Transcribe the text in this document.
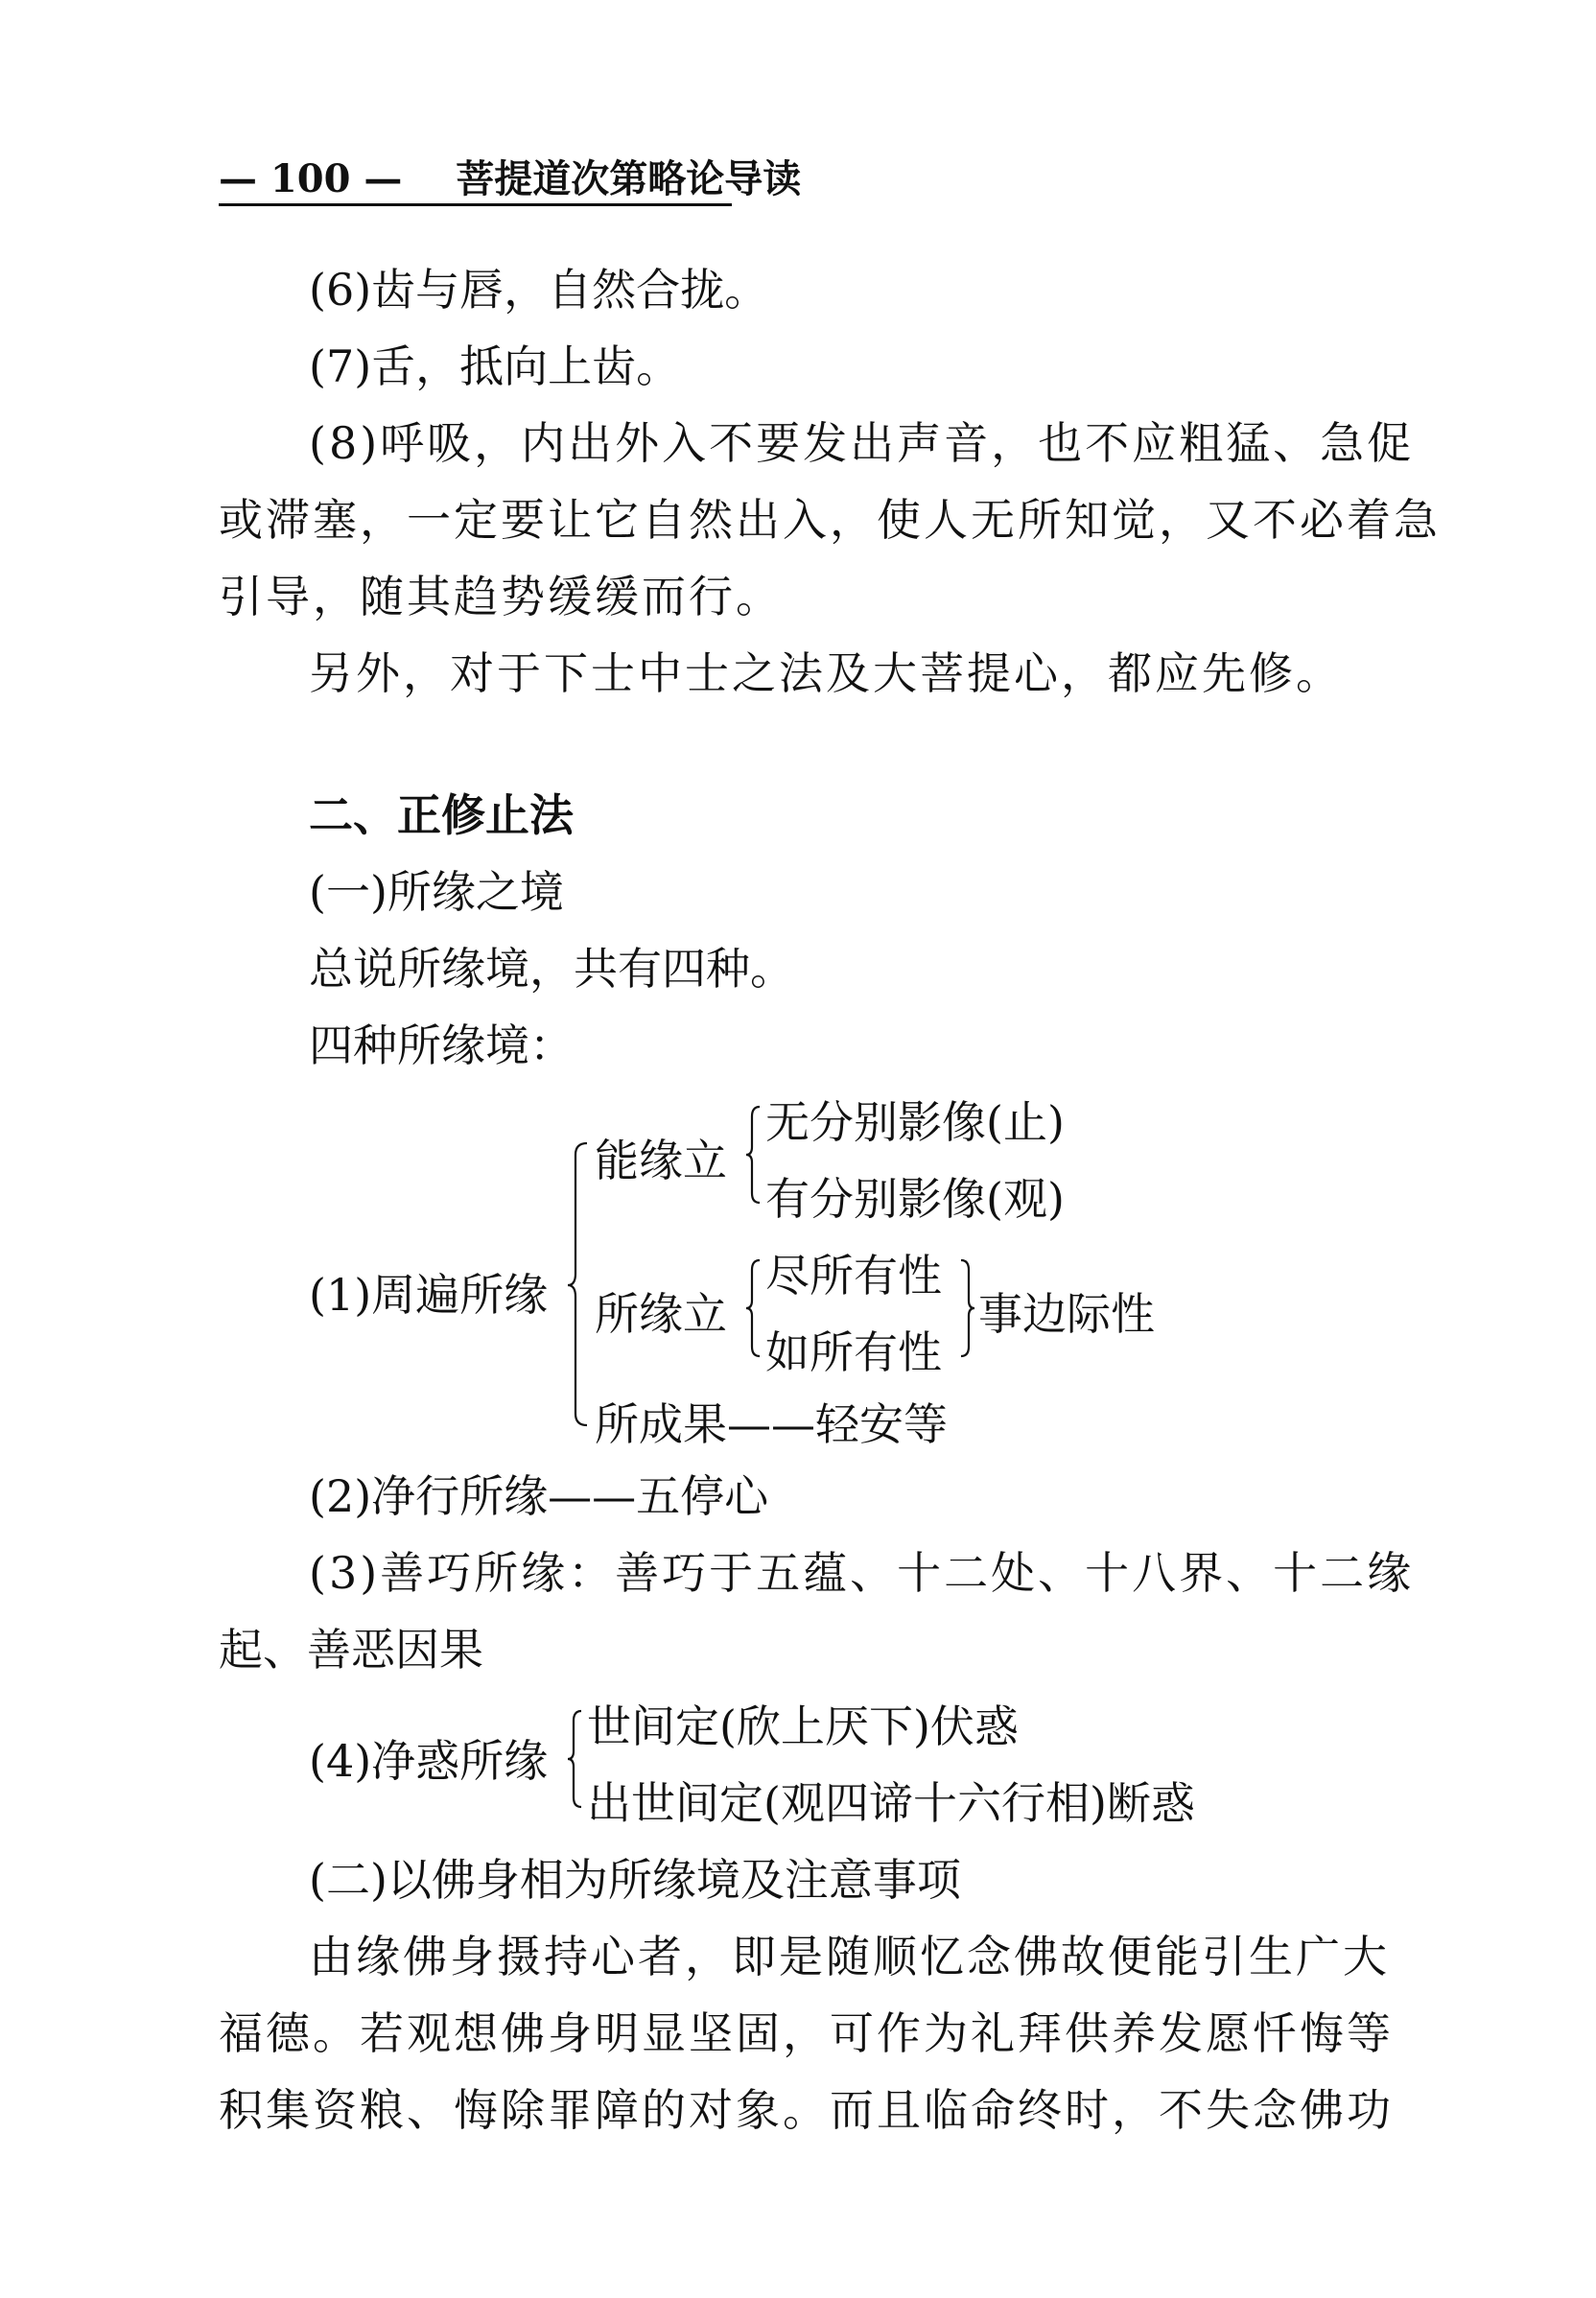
— 100 — 菩提道次第略论导读
(6)齿与唇，自然合拢。
(7)舌，抵向上齿。
(8)呼吸，内出外入不要发出声音，也不应粗猛、急促
或滞塞，一定要让它自然出入，使人无所知觉，又不必着急
引导，随其趋势缓缓而行。
另外，对于下士中士之法及大菩提心，都应先修。
二、正修止法
(一)所缘之境
总说所缘境，共有四种。
四种所缘境：
(1)周遍所缘
能缘立
无分别影像(止)
有分别影像(观)
所缘立
尽所有性
如所有性
事边际性
所成果——轻安等
(2)净行所缘——五停心
(3)善巧所缘：善巧于五蕴、十二处、十八界、十二缘
起、善恶因果
(4)净惑所缘
世间定(欣上厌下)伏惑
出世间定(观四谛十六行相)断惑
(二)以佛身相为所缘境及注意事项
由缘佛身摄持心者，即是随顺忆念佛故便能引生广大
福德。若观想佛身明显坚固，可作为礼拜供养发愿忏悔等
积集资粮、悔除罪障的对象。而且临命终时，不失念佛功
